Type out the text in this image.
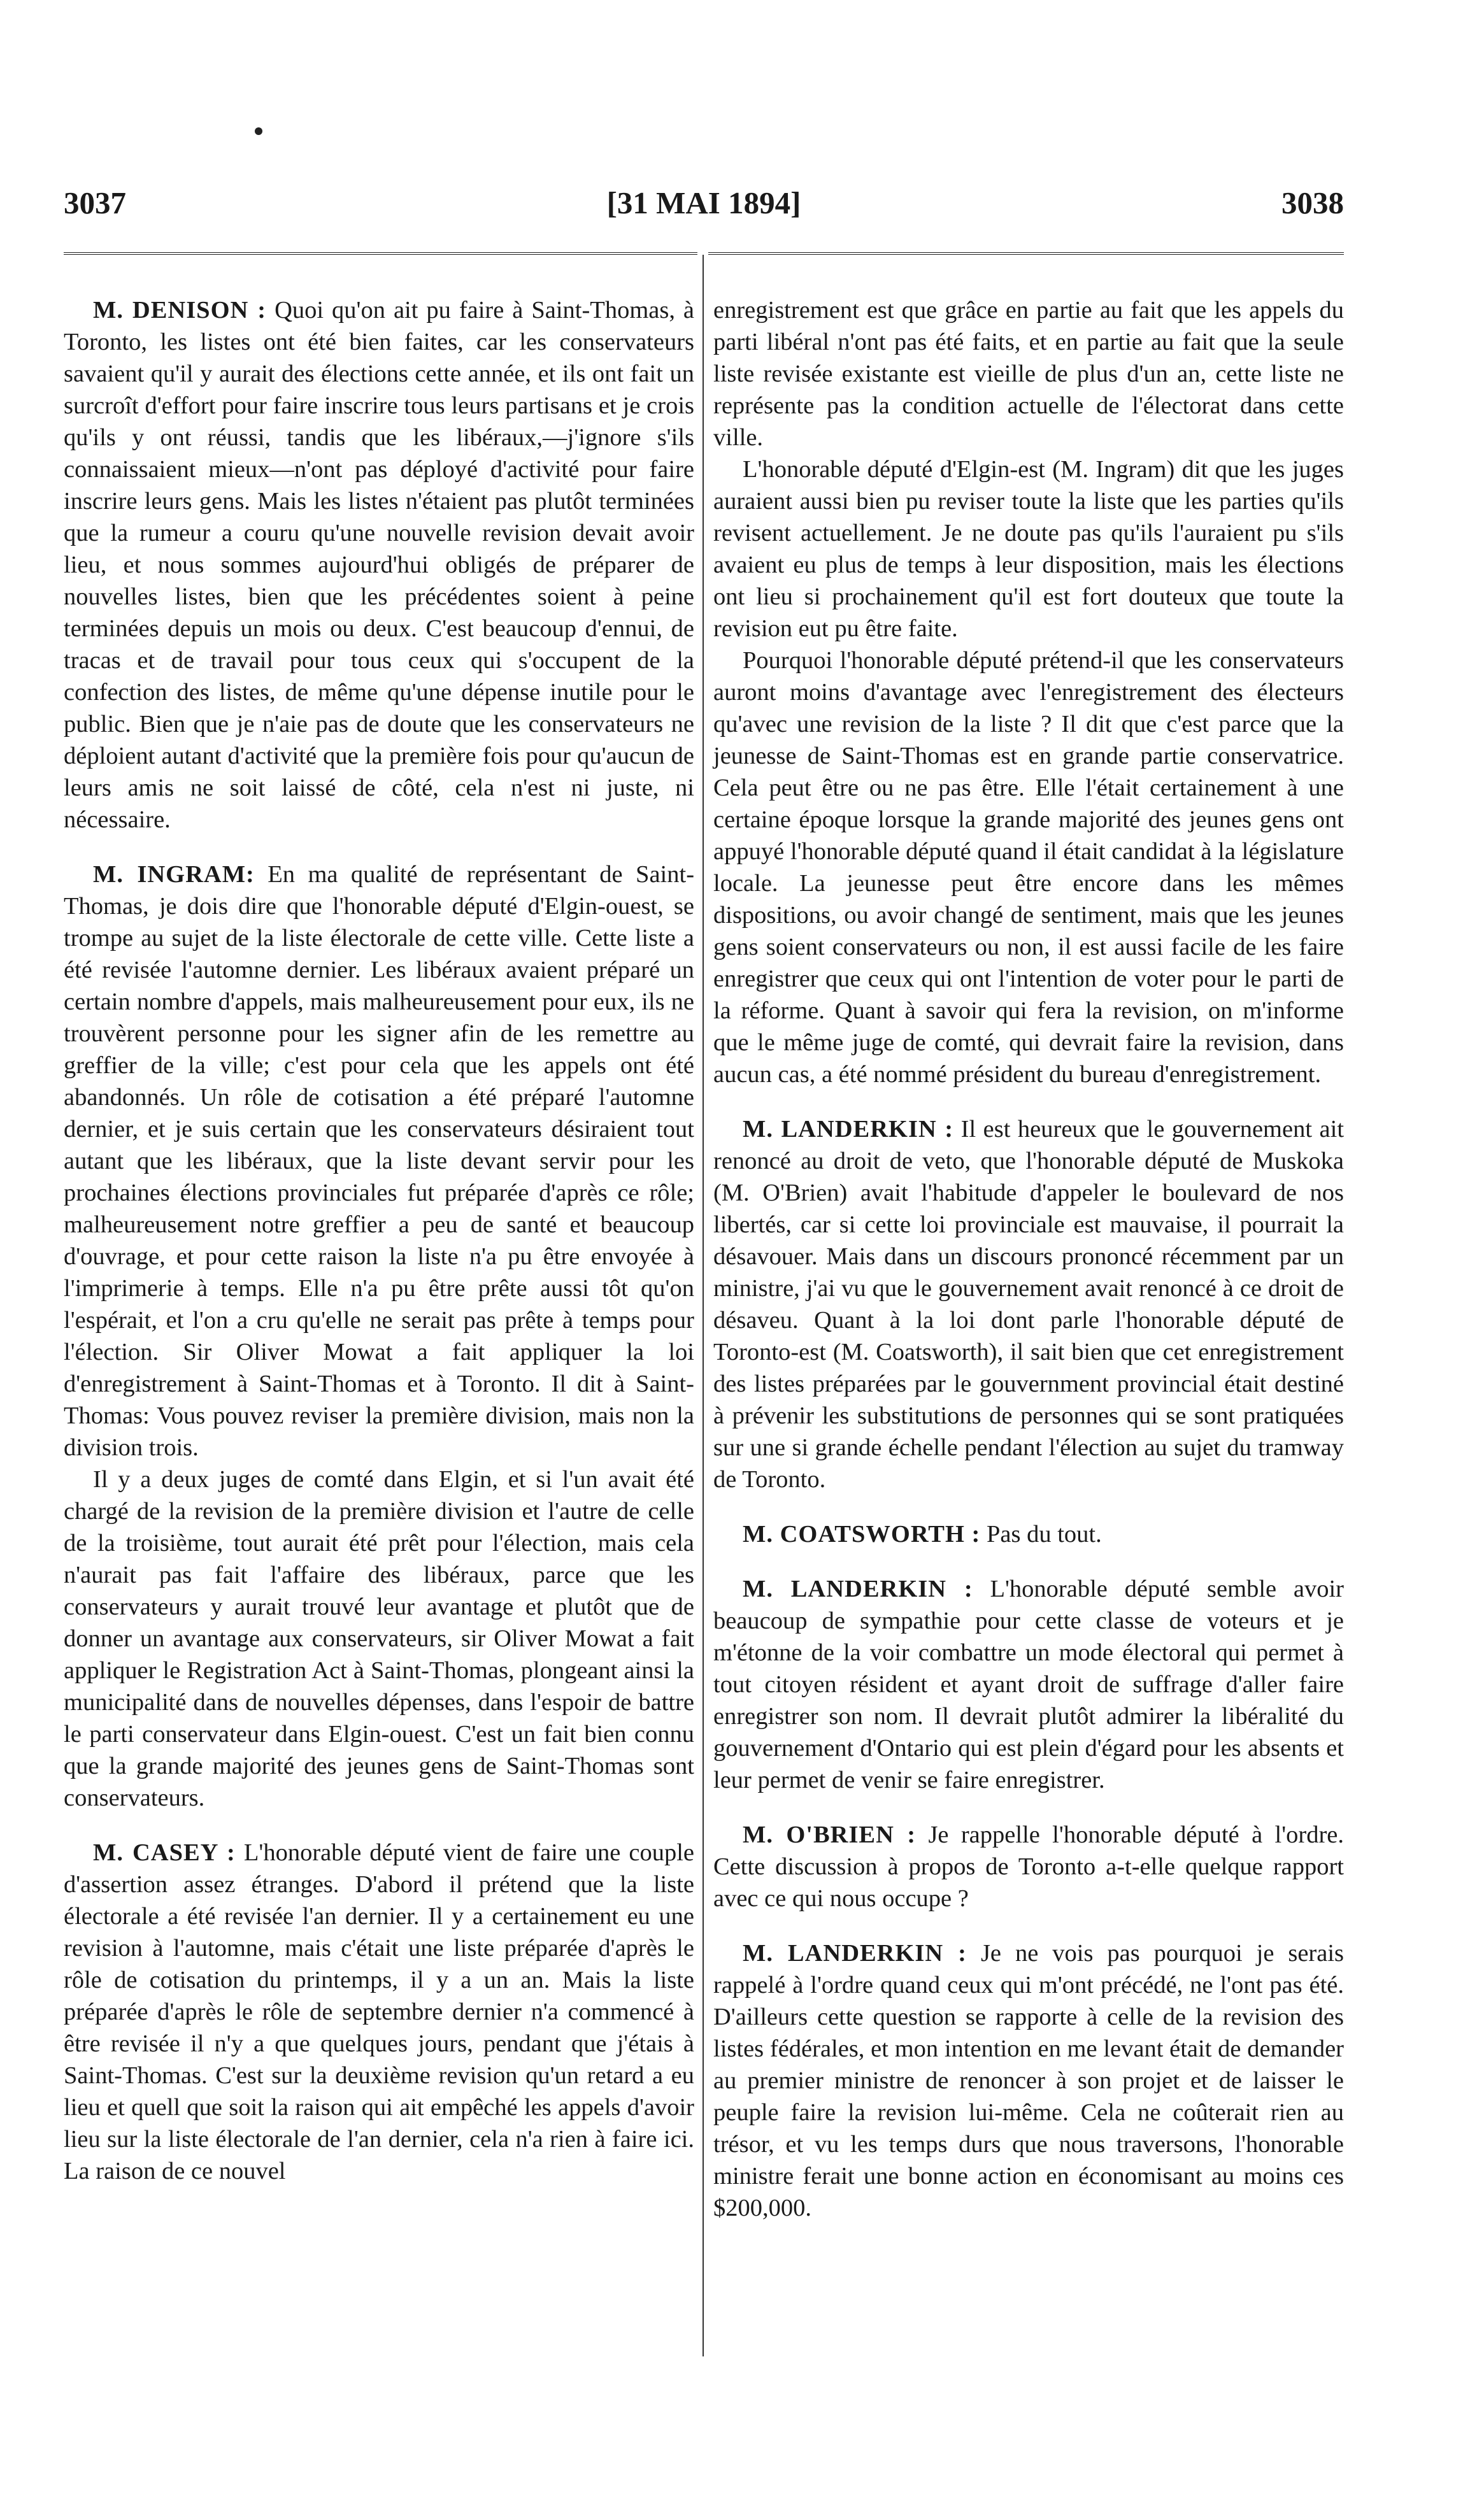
3037	[31 MAI 1894]	3038

M. DENISON : Quoi qu'on ait pu faire à Saint-Thomas, à Toronto, les listes ont été bien faites, car les conservateurs savaient qu'il y aurait des élections cette année, et ils ont fait un surcroît d'effort pour faire inscrire tous leurs partisans et je crois qu'ils y ont réussi, tandis que les libéraux,—j'ignore s'ils connaissaient mieux—n'ont pas déployé d'activité pour faire inscrire leurs gens. Mais les listes n'étaient pas plutôt terminées que la rumeur a couru qu'une nouvelle revision devait avoir lieu, et nous sommes aujourd'hui obligés de préparer de nouvelles listes, bien que les précédentes soient à peine terminées depuis un mois ou deux. C'est beaucoup d'ennui, de tracas et de travail pour tous ceux qui s'occupent de la confection des listes, de même qu'une dépense inutile pour le public. Bien que je n'aie pas de doute que les conservateurs ne déploient autant d'activité que la première fois pour qu'aucun de leurs amis ne soit laissé de côté, cela n'est ni juste, ni nécessaire.

M. INGRAM: En ma qualité de représentant de Saint-Thomas, je dois dire que l'honorable député d'Elgin-ouest, se trompe au sujet de la liste électorale de cette ville. Cette liste a été revisée l'automne dernier. Les libéraux avaient préparé un certain nombre d'appels, mais malheureusement pour eux, ils ne trouvèrent personne pour les signer afin de les remettre au greffier de la ville; c'est pour cela que les appels ont été abandonnés. Un rôle de cotisation a été préparé l'automne dernier, et je suis certain que les conservateurs désiraient tout autant que les libéraux, que la liste devant servir pour les prochaines élections provinciales fut préparée d'après ce rôle; malheureusement notre greffier a peu de santé et beaucoup d'ouvrage, et pour cette raison la liste n'a pu être envoyée à l'imprimerie à temps. Elle n'a pu être prête aussi tôt qu'on l'espérait, et l'on a cru qu'elle ne serait pas prête à temps pour l'élection. Sir Oliver Mowat a fait appliquer la loi d'enregistrement à Saint-Thomas et à Toronto. Il dit à Saint-Thomas: Vous pouvez reviser la première division, mais non la division trois.

Il y a deux juges de comté dans Elgin, et si l'un avait été chargé de la revision de la première division et l'autre de celle de la troisième, tout aurait été prêt pour l'élection, mais cela n'aurait pas fait l'affaire des libéraux, parce que les conservateurs y aurait trouvé leur avantage et plutôt que de donner un avantage aux conservateurs, sir Oliver Mowat a fait appliquer le Registration Act à Saint-Thomas, plongeant ainsi la municipalité dans de nouvelles dépenses, dans l'espoir de battre le parti conservateur dans Elgin-ouest. C'est un fait bien connu que la grande majorité des jeunes gens de Saint-Thomas sont conservateurs.

M. CASEY : L'honorable député vient de faire une couple d'assertion assez étranges. D'abord il prétend que la liste électorale a été revisée l'an dernier. Il y a certainement eu une revision à l'automne, mais c'était une liste préparée d'après le rôle de cotisation du printemps, il y a un an. Mais la liste préparée d'après le rôle de septembre dernier n'a commencé à être revisée il n'y a que quelques jours, pendant que j'étais à Saint-Thomas. C'est sur la deuxième revision qu'un retard a eu lieu et quell que soit la raison qui ait empêché les appels d'avoir lieu sur la liste électorale de l'an dernier, cela n'a rien à faire ici. La raison de ce nouvel

enregistrement est que grâce en partie au fait que les appels du parti libéral n'ont pas été faits, et en partie au fait que la seule liste revisée existante est vieille de plus d'un an, cette liste ne représente pas la condition actuelle de l'électorat dans cette ville.

L'honorable député d'Elgin-est (M. Ingram) dit que les juges auraient aussi bien pu reviser toute la liste que les parties qu'ils revisent actuellement. Je ne doute pas qu'ils l'auraient pu s'ils avaient eu plus de temps à leur disposition, mais les élections ont lieu si prochainement qu'il est fort douteux que toute la revision eut pu être faite.

Pourquoi l'honorable député prétend-il que les conservateurs auront moins d'avantage avec l'enregistrement des électeurs qu'avec une revision de la liste ? Il dit que c'est parce que la jeunesse de Saint-Thomas est en grande partie conservatrice. Cela peut être ou ne pas être. Elle l'était certainement à une certaine époque lorsque la grande majorité des jeunes gens ont appuyé l'honorable député quand il était candidat à la législature locale. La jeunesse peut être encore dans les mêmes dispositions, ou avoir changé de sentiment, mais que les jeunes gens soient conservateurs ou non, il est aussi facile de les faire enregistrer que ceux qui ont l'intention de voter pour le parti de la réforme. Quant à savoir qui fera la revision, on m'informe que le même juge de comté, qui devrait faire la revision, dans aucun cas, a été nommé président du bureau d'enregistrement.

M. LANDERKIN : Il est heureux que le gouvernement ait renoncé au droit de veto, que l'honorable député de Muskoka (M. O'Brien) avait l'habitude d'appeler le boulevard de nos libertés, car si cette loi provinciale est mauvaise, il pourrait la désavouer. Mais dans un discours prononcé récemment par un ministre, j'ai vu que le gouvernement avait renoncé à ce droit de désaveu. Quant à la loi dont parle l'honorable député de Toronto-est (M. Coatsworth), il sait bien que cet enregistrement des listes préparées par le gouvernment provincial était destiné à prévenir les substitutions de personnes qui se sont pratiquées sur une si grande échelle pendant l'élection au sujet du tramway de Toronto.

M. COATSWORTH : Pas du tout.

M. LANDERKIN : L'honorable député semble avoir beaucoup de sympathie pour cette classe de voteurs et je m'étonne de la voir combattre un mode électoral qui permet à tout citoyen résident et ayant droit de suffrage d'aller faire enregistrer son nom. Il devrait plutôt admirer la libéralité du gouvernement d'Ontario qui est plein d'égard pour les absents et leur permet de venir se faire enregistrer.

M. O'BRIEN : Je rappelle l'honorable député à l'ordre. Cette discussion à propos de Toronto a-t-elle quelque rapport avec ce qui nous occupe ?

M. LANDERKIN : Je ne vois pas pourquoi je serais rappelé à l'ordre quand ceux qui m'ont précédé, ne l'ont pas été. D'ailleurs cette question se rapporte à celle de la revision des listes fédérales, et mon intention en me levant était de demander au premier ministre de renoncer à son projet et de laisser le peuple faire la revision lui-même. Cela ne coûterait rien au trésor, et vu les temps durs que nous traversons, l'honorable ministre ferait une bonne action en économisant au moins ces $200,000.
